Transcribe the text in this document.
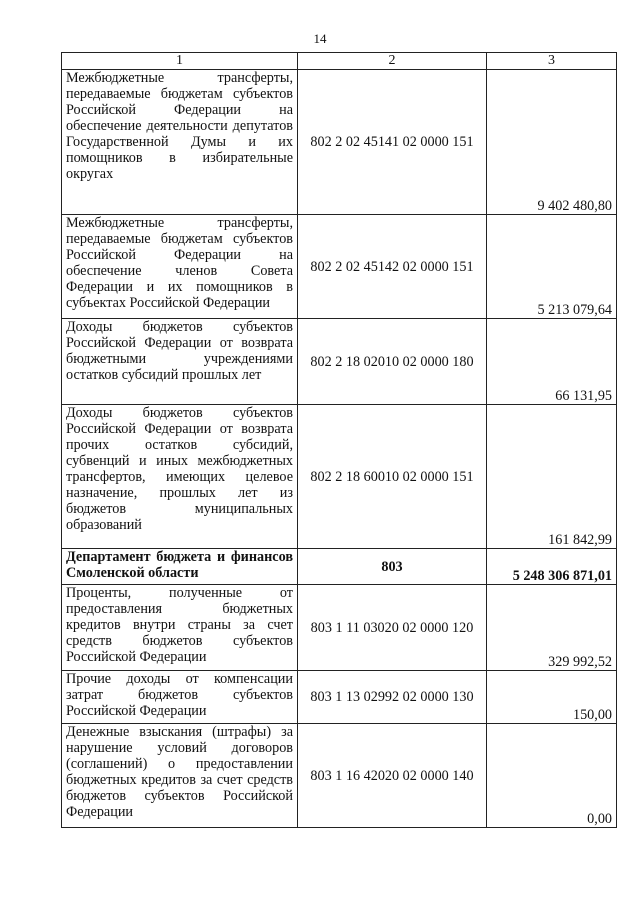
14
1	2	3
Межбюджетные трансферты, передаваемые бюджетам субъектов Российской Федерации на обеспечение деятельности депутатов Государственной Думы и их помощников в избирательные округах	802 2 02 45141 02 0000 151	9 402 480,80
Межбюджетные трансферты, передаваемые бюджетам субъектов Российской Федерации на обеспечение членов Совета Федерации и их помощников в субъектах Российской Федерации	802 2 02 45142 02 0000 151	5 213 079,64
Доходы бюджетов субъектов Российской Федерации от возврата бюджетными учреждениями остатков субсидий прошлых лет	802 2 18 02010 02 0000 180	66 131,95
Доходы бюджетов субъектов Российской Федерации от возврата прочих остатков субсидий, субвенций и иных межбюджетных трансфертов, имеющих целевое назначение, прошлых лет из бюджетов муниципальных образований	802 2 18 60010 02 0000 151	161 842,99
Департамент бюджета и финансов Смоленской области	803	5 248 306 871,01
Проценты, полученные от предоставления бюджетных кредитов внутри страны за счет средств бюджетов субъектов Российской Федерации	803 1 11 03020 02 0000 120	329 992,52
Прочие доходы от компенсации затрат бюджетов субъектов Российской Федерации	803 1 13 02992 02 0000 130	150,00
Денежные взыскания (штрафы) за нарушение условий договоров (соглашений) о предоставлении бюджетных кредитов за счет средств бюджетов субъектов Российской Федерации	803 1 16 42020 02 0000 140	0,00
